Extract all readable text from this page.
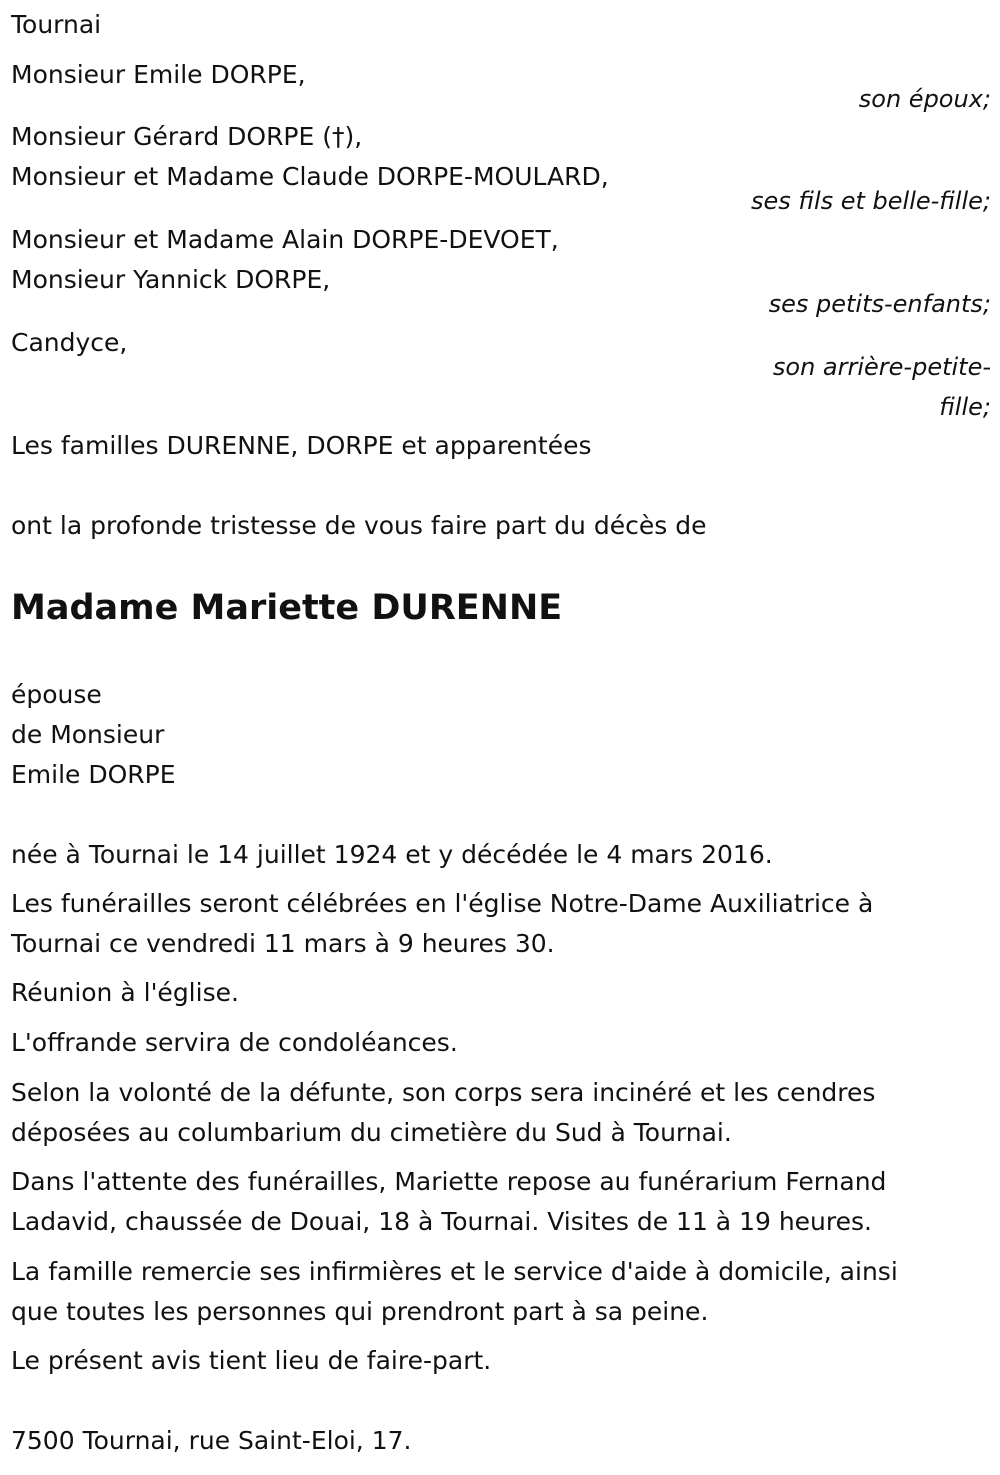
Tournai
Monsieur Emile DORPE,
son époux;
Monsieur Gérard DORPE (†),
Monsieur et Madame Claude DORPE-MOULARD,
ses fils et belle-fille;
Monsieur et Madame Alain DORPE-DEVOET,
Monsieur Yannick DORPE,
ses petits-enfants;
Candyce,
son arrière-petite-
fille;
Les familles DURENNE, DORPE et apparentées
ont la profonde tristesse de vous faire part du décès de
Madame Mariette DURENNE
épouse
de Monsieur
Emile DORPE
née à Tournai le 14 juillet 1924 et y décédée le 4 mars 2016.
Les funérailles seront célébrées en l'église Notre-Dame Auxiliatrice à
Tournai ce vendredi 11 mars à 9 heures 30.
Réunion à l'église.
L'offrande servira de condoléances.
Selon la volonté de la défunte, son corps sera incinéré et les cendres
déposées au columbarium du cimetière du Sud à Tournai.
Dans l'attente des funérailles, Mariette repose au funérarium Fernand
Ladavid, chaussée de Douai, 18 à Tournai. Visites de 11 à 19 heures.
La famille remercie ses infirmières et le service d'aide à domicile, ainsi
que toutes les personnes qui prendront part à sa peine.
Le présent avis tient lieu de faire-part.
7500 Tournai, rue Saint-Eloi, 17.
